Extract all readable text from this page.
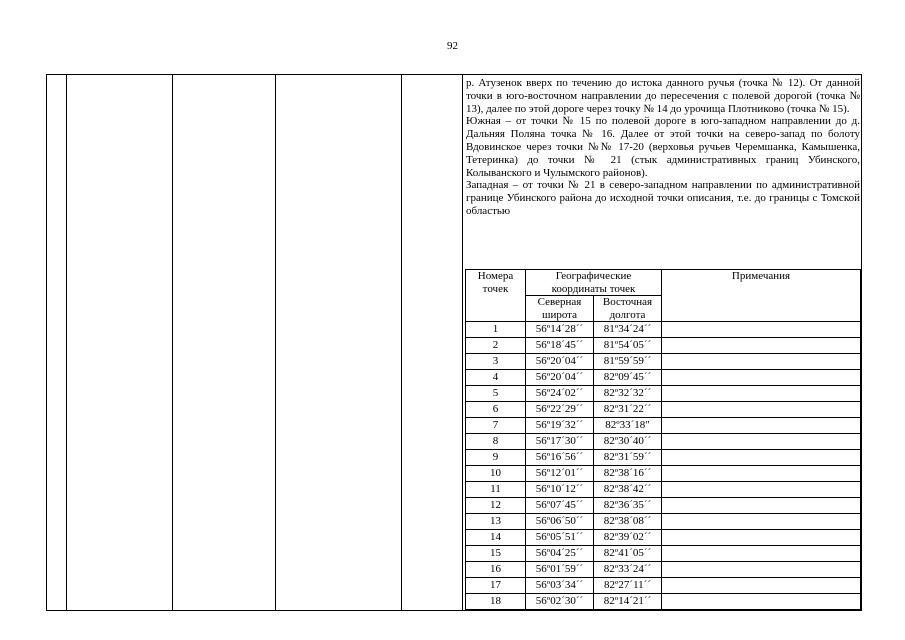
92

р. Атузенок вверх по течению до истока данного ручья (точка № 12). От данной точки в юго-восточном направлении до пересечения с полевой дорогой (точка № 13), далее по этой дороге через точку № 14 до урочища Плотниково (точка № 15).

Южная – от точки № 15 по полевой дороге в юго-западном направлении до д. Дальняя Поляна точка № 16. Далее от этой точки на северо-запад по болоту Вдовинское через точки №№ 17-20 (верховья ручьев Черемшанка, Камышенка, Тетеринка) до точки № 21 (стык административных границ Убинского, Колыванского и Чулымского районов).

Западная – от точки № 21 в северо-западном направлении по административной границе Убинского района до исходной точки описания, т.е. до границы с Томской областью

Номера точек	Географические координаты точек		Примечания
	Северная широта	Восточная долгота	
1	56º14´28´´	81º34´24´´	
2	56º18´45´´	81º54´05´´	
3	56º20´04´´	81º59´59´´	
4	56º20´04´´	82º09´45´´	
5	56º24´02´´	82º32´32´´	
6	56º22´29´´	82º31´22´´	
7	56º19´32´´	82º33´18"	
8	56º17´30´´	82º30´40´´	
9	56º16´56´´	82º31´59´´	
10	56º12´01´´	82º38´16´´	
11	56º10´12´´	82º38´42´´	
12	56º07´45´´	82º36´35´´	
13	56º06´50´´	82º38´08´´	
14	56º05´51´´	82º39´02´´	
15	56º04´25´´	82º41´05´´	
16	56º01´59´´	82º33´24´´	
17	56º03´34´´	82º27´11´´	
18	56º02´30´´	82º14´21´´	
